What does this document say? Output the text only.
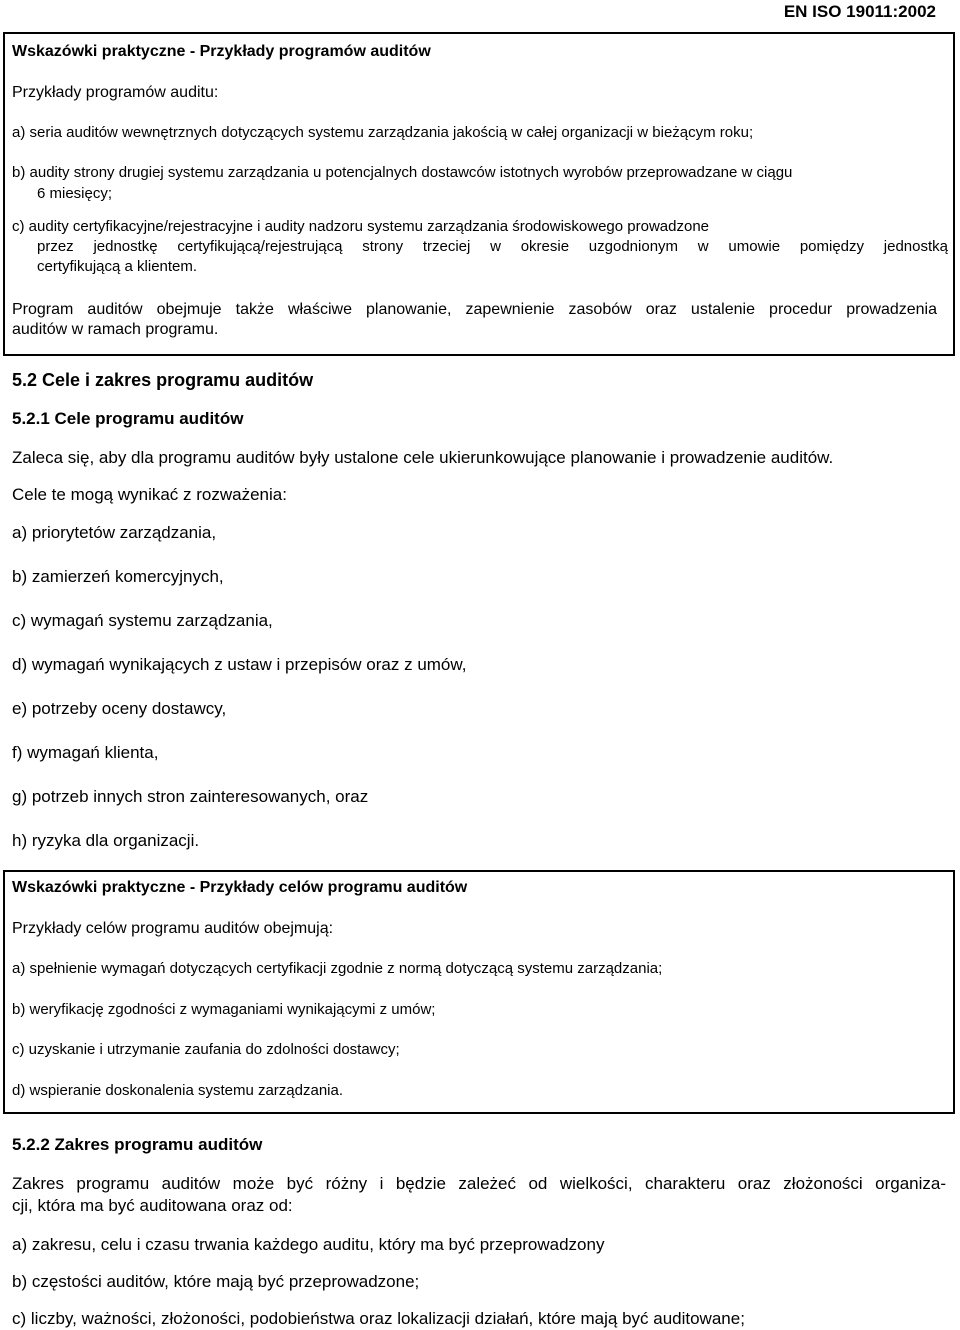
EN ISO 19011:2002
Wskazówki praktyczne - Przykłady programów auditów
Przykłady programów auditu:
a) seria auditów wewnętrznych dotyczących systemu zarządzania jakością w całej organizacji w bieżącym roku;
b) audity strony drugiej systemu zarządzania u potencjalnych dostawców istotnych wyrobów przeprowadzane w ciągu
6 miesięcy;
c) audity certyfikacyjne/rejestracyjne i audity nadzoru systemu zarządzania środowiskowego prowadzone
przez jednostkę certyfikującą/rejestrującą strony trzeciej w okresie uzgodnionym w umowie pomiędzy jednostką
certyfikującą a klientem.
Program auditów obejmuje także właściwe planowanie, zapewnienie zasobów oraz ustalenie procedur prowadzenia
auditów w ramach programu.
5.2 Cele i zakres programu auditów
5.2.1 Cele programu auditów
Zaleca się, aby dla programu auditów były ustalone cele ukierunkowujące planowanie i prowadzenie auditów.
Cele te mogą wynikać z rozważenia:
a) priorytetów zarządzania,
b) zamierzeń komercyjnych,
c) wymagań systemu zarządzania,
d) wymagań wynikających z ustaw i przepisów oraz z umów,
e) potrzeby oceny dostawcy,
f) wymagań klienta,
g) potrzeb innych stron zainteresowanych, oraz
h) ryzyka dla organizacji.
Wskazówki praktyczne - Przykłady celów programu auditów
Przykłady celów programu auditów obejmują:
a) spełnienie wymagań dotyczących certyfikacji zgodnie z normą dotyczącą systemu zarządzania;
b) weryfikację zgodności z wymaganiami wynikającymi z umów;
c) uzyskanie i utrzymanie zaufania do zdolności dostawcy;
d) wspieranie doskonalenia systemu zarządzania.
5.2.2 Zakres programu auditów
Zakres programu auditów może być różny i będzie zależeć od wielkości, charakteru oraz złożoności organiza-
cji, która ma być auditowana oraz od:
a) zakresu, celu i czasu trwania każdego auditu, który ma być przeprowadzony
b) częstości auditów, które mają być przeprowadzone;
c) liczby, ważności, złożoności, podobieństwa oraz lokalizacji działań, które mają być auditowane;
